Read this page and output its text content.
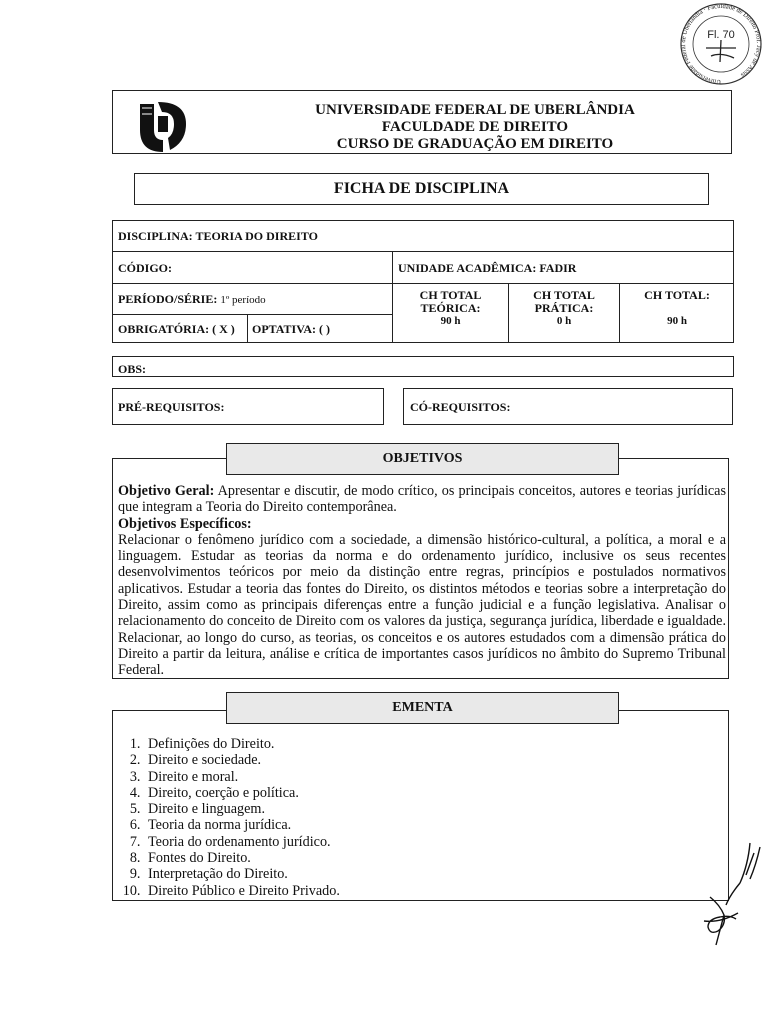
Universidade Federal de Uberlândia · Faculdade de Direito Prof. Jacy de Assis
Fl. 70
UNIVERSIDADE FEDERAL DE UBERLÂNDIA
FACULDADE DE DIREITO
CURSO DE GRADUAÇÃO EM DIREITO
FICHA DE DISCIPLINA
DISCIPLINA: TEORIA DO DIREITO
CÓDIGO:	UNIDADE ACADÊMICA: FADIR
PERÍODO/SÉRIE: 1º período
OBRIGATÓRIA: ( X ) OPTATIVA: ( )
CH TOTAL
TEÓRICA:
90 h
CH TOTAL
PRÁTICA:
0 h
CH TOTAL:
90 h
OBS:
PRÉ-REQUISITOS:	CÓ-REQUISITOS:
OBJETIVOS
Objetivo Geral: Apresentar e discutir, de modo crítico, os principais conceitos, autores e teorias jurídicas que integram a Teoria do Direito contemporânea.
Objetivos Específicos:
Relacionar o fenômeno jurídico com a sociedade, a dimensão histórico-cultural, a política, a moral e a linguagem. Estudar as teorias da norma e do ordenamento jurídico, inclusive os seus recentes desenvolvimentos teóricos por meio da distinção entre regras, princípios e postulados normativos aplicativos. Estudar a teoria das fontes do Direito, os distintos métodos e teorias sobre a interpretação do Direito, assim como as principais diferenças entre a função judicial e a função legislativa. Analisar o relacionamento do conceito de Direito com os valores da justiça, segurança jurídica, liberdade e igualdade. Relacionar, ao longo do curso, as teorias, os conceitos e os autores estudados com a dimensão prática do Direito a partir da leitura, análise e crítica de importantes casos jurídicos no âmbito do Supremo Tribunal Federal.
EMENTA
1. Definições do Direito.
2. Direito e sociedade.
3. Direito e moral.
4. Direito, coerção e política.
5. Direito e linguagem.
6. Teoria da norma jurídica.
7. Teoria do ordenamento jurídico.
8. Fontes do Direito.
9. Interpretação do Direito.
10. Direito Público e Direito Privado.
